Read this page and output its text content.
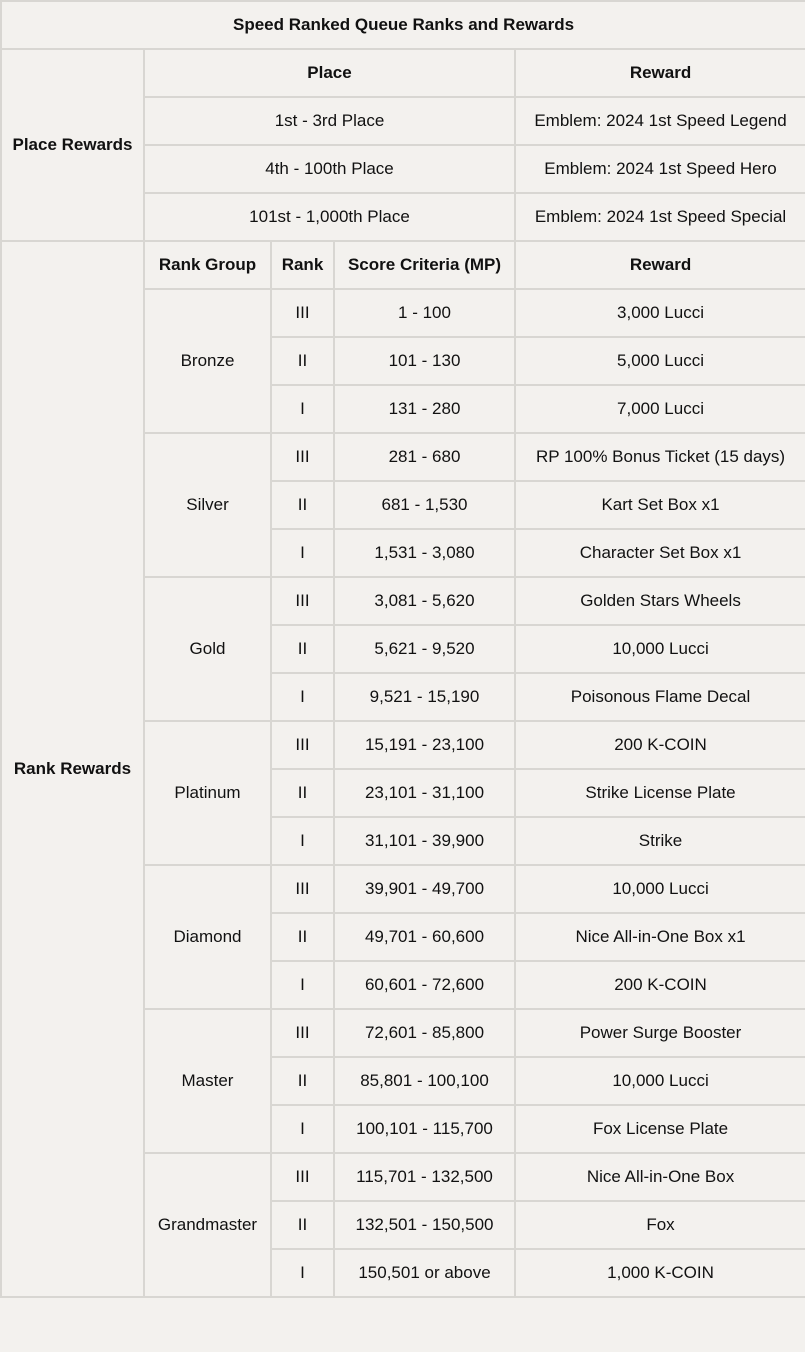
Speed Ranked Queue Ranks and Rewards				
Place Rewards	Place			Reward
	1st - 3rd Place			Emblem: 2024 1st Speed Legend
	4th - 100th Place			Emblem: 2024 1st Speed Hero
	101st - 1,000th Place			Emblem: 2024 1st Speed Special
Rank Rewards	Rank Group	Rank	Score Criteria (MP)	Reward
	Bronze	III	1 - 100	3,000 Lucci
		II	101 - 130	5,000 Lucci
		I	131 - 280	7,000 Lucci
	Silver	III	281 - 680	RP 100% Bonus Ticket (15 days)
		II	681 - 1,530	Kart Set Box x1
		I	1,531 - 3,080	Character Set Box x1
	Gold	III	3,081 - 5,620	Golden Stars Wheels
		II	5,621 - 9,520	10,000 Lucci
		I	9,521 - 15,190	Poisonous Flame Decal
	Platinum	III	15,191 - 23,100	200 K-COIN
		II	23,101 - 31,100	Strike License Plate
		I	31,101 - 39,900	Strike
	Diamond	III	39,901 - 49,700	10,000 Lucci
		II	49,701 - 60,600	Nice All-in-One Box x1
		I	60,601 - 72,600	200 K-COIN
	Master	III	72,601 - 85,800	Power Surge Booster
		II	85,801 - 100,100	10,000 Lucci
		I	100,101 - 115,700	Fox License Plate
	Grandmaster	III	115,701 - 132,500	Nice All-in-One Box
		II	132,501 - 150,500	Fox
		I	150,501 or above	1,000 K-COIN
